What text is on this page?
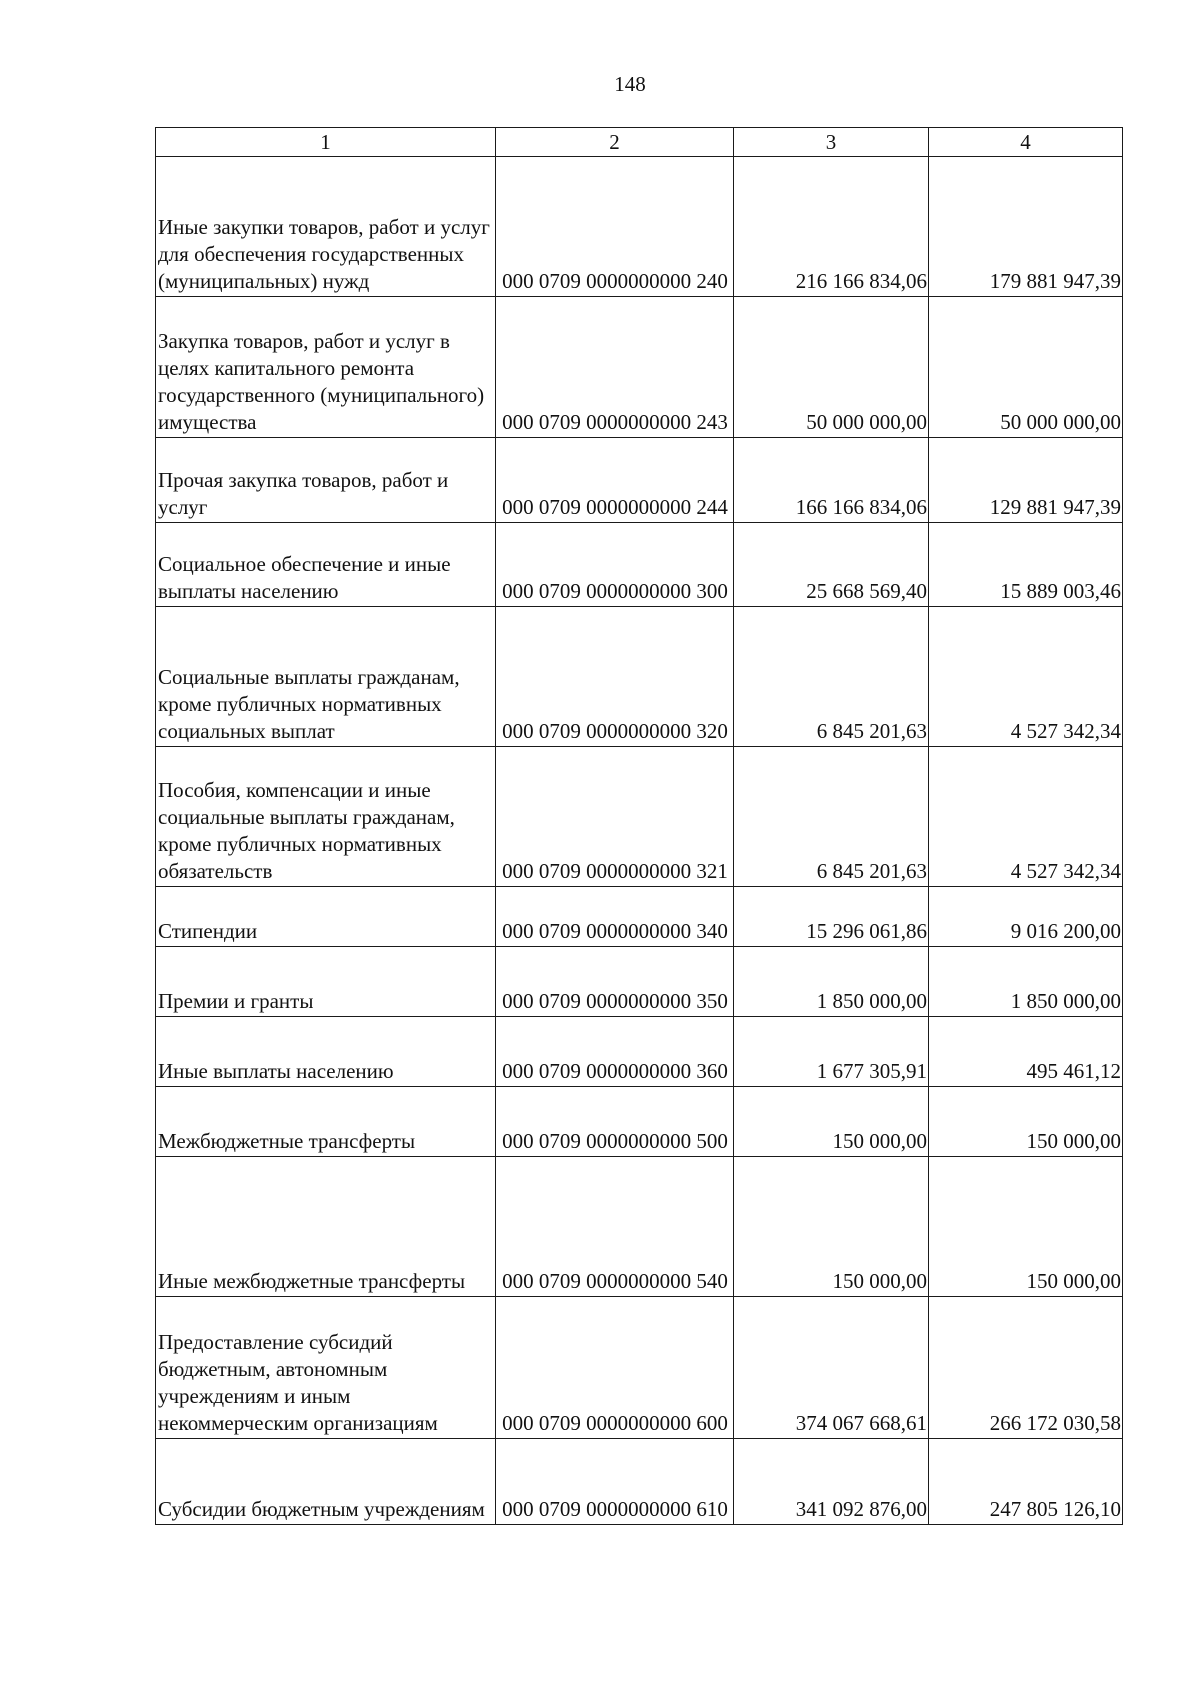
148
1	2	3	4
Иные закупки товаров, работ и услуг для обеспечения государственных (муниципальных) нужд	000 0709 0000000000 240	216 166 834,06	179 881 947,39
Закупка товаров, работ и услуг в целях капитального ремонта государственного (муниципального) имущества	000 0709 0000000000 243	50 000 000,00	50 000 000,00
Прочая закупка товаров, работ и услуг	000 0709 0000000000 244	166 166 834,06	129 881 947,39
Социальное обеспечение и иные выплаты населению	000 0709 0000000000 300	25 668 569,40	15 889 003,46
Социальные выплаты гражданам, кроме публичных нормативных социальных выплат	000 0709 0000000000 320	6 845 201,63	4 527 342,34
Пособия, компенсации и иные социальные выплаты гражданам, кроме публичных нормативных обязательств	000 0709 0000000000 321	6 845 201,63	4 527 342,34
Стипендии	000 0709 0000000000 340	15 296 061,86	9 016 200,00
Премии и гранты	000 0709 0000000000 350	1 850 000,00	1 850 000,00
Иные выплаты населению	000 0709 0000000000 360	1 677 305,91	495 461,12
Межбюджетные трансферты	000 0709 0000000000 500	150 000,00	150 000,00
Иные межбюджетные трансферты	000 0709 0000000000 540	150 000,00	150 000,00
Предоставление субсидий бюджетным, автономным учреждениям и иным некоммерческим организациям	000 0709 0000000000 600	374 067 668,61	266 172 030,58
Субсидии бюджетным учреждениям	000 0709 0000000000 610	341 092 876,00	247 805 126,10
